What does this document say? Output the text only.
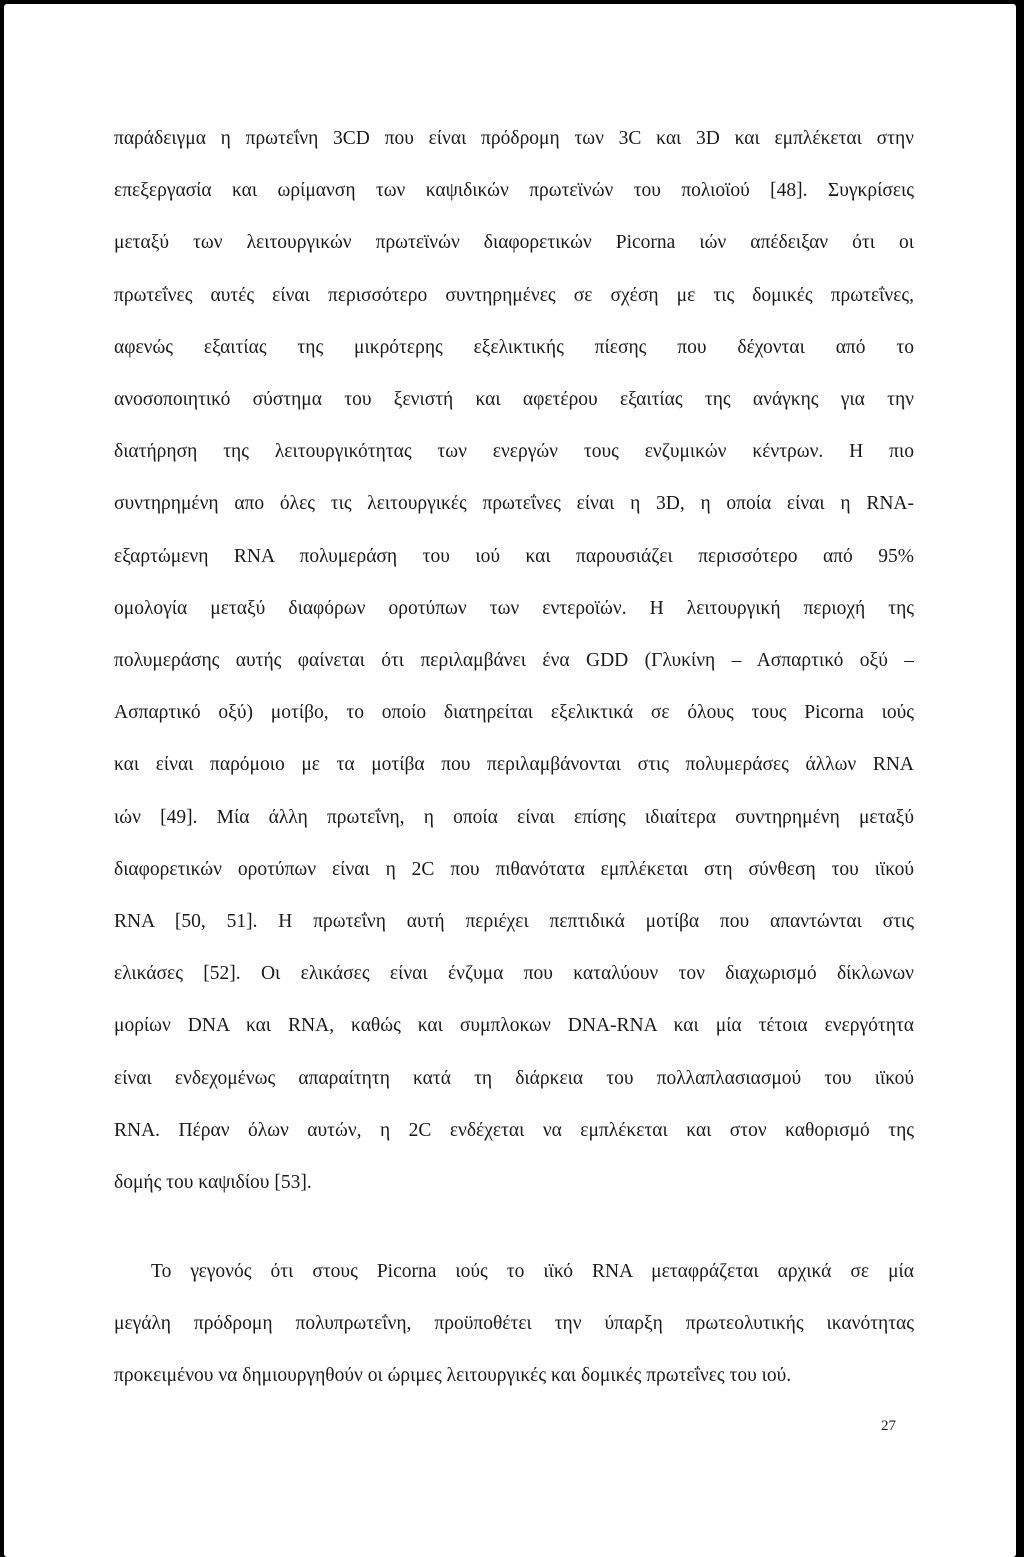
παράδειγμα η πρωτεΐνη 3CD που είναι πρόδρομη των 3C και 3D και εμπλέκεται στην
επεξεργασία και ωρίμανση των καψιδικών πρωτεϊνών του πολιοϊού [48]. Συγκρίσεις
μεταξύ των λειτουργικών πρωτεϊνών διαφορετικών Picorna ιών απέδειξαν ότι οι
πρωτεΐνες αυτές είναι περισσότερο συντηρημένες σε σχέση με τις δομικές πρωτεΐνες,
αφενώς εξαιτίας της μικρότερης εξελικτικής πίεσης που δέχονται από το
ανοσοποιητικό σύστημα του ξενιστή και αφετέρου εξαιτίας της ανάγκης για την
διατήρηση της λειτουργικότητας των ενεργών τους ενζυμικών κέντρων. Η πιο
συντηρημένη απο όλες τις λειτουργικές πρωτεΐνες είναι η 3D, η οποία είναι η RNA-
εξαρτώμενη RNA πολυμεράση του ιού και παρουσιάζει περισσότερο από 95%
ομολογία μεταξύ διαφόρων οροτύπων των εντεροϊών. Η λειτουργική περιοχή της
πολυμεράσης αυτής φαίνεται ότι περιλαμβάνει ένα GDD (Γλυκίνη – Ασπαρτικό οξύ –
Ασπαρτικό οξύ) μοτίβο, το οποίο διατηρείται εξελικτικά σε όλους τους Picorna ιούς
και είναι παρόμοιο με τα μοτίβα που περιλαμβάνονται στις πολυμεράσες άλλων RNA
ιών [49]. Μία άλλη πρωτεΐνη, η οποία είναι επίσης ιδιαίτερα συντηρημένη μεταξύ
διαφορετικών οροτύπων είναι η 2C που πιθανότατα εμπλέκεται στη σύνθεση του ιϊκού
RNA [50, 51]. Η πρωτεΐνη αυτή περιέχει πεπτιδικά μοτίβα που απαντώνται στις
ελικάσες [52]. Οι ελικάσες είναι ένζυμα που καταλύουν τον διαχωρισμό δίκλωνων
μορίων DNA και RNA, καθώς και συμπλοκων DNA-RNA και μία τέτοια ενεργότητα
είναι ενδεχομένως απαραίτητη κατά τη διάρκεια του πολλαπλασιασμού του ιϊκού
RNA. Πέραν όλων αυτών, η 2C ενδέχεται να εμπλέκεται και στον καθορισμό της
δομής του καψιδίου [53].
Το γεγονός ότι στους Picorna ιούς το ιϊκό RNA μεταφράζεται αρχικά σε μία
μεγάλη πρόδρομη πολυπρωτεΐνη, προϋποθέτει την ύπαρξη πρωτεολυτικής ικανότητας
προκειμένου να δημιουργηθούν οι ώριμες λειτουργικές και δομικές πρωτεΐνες του ιού.
27
